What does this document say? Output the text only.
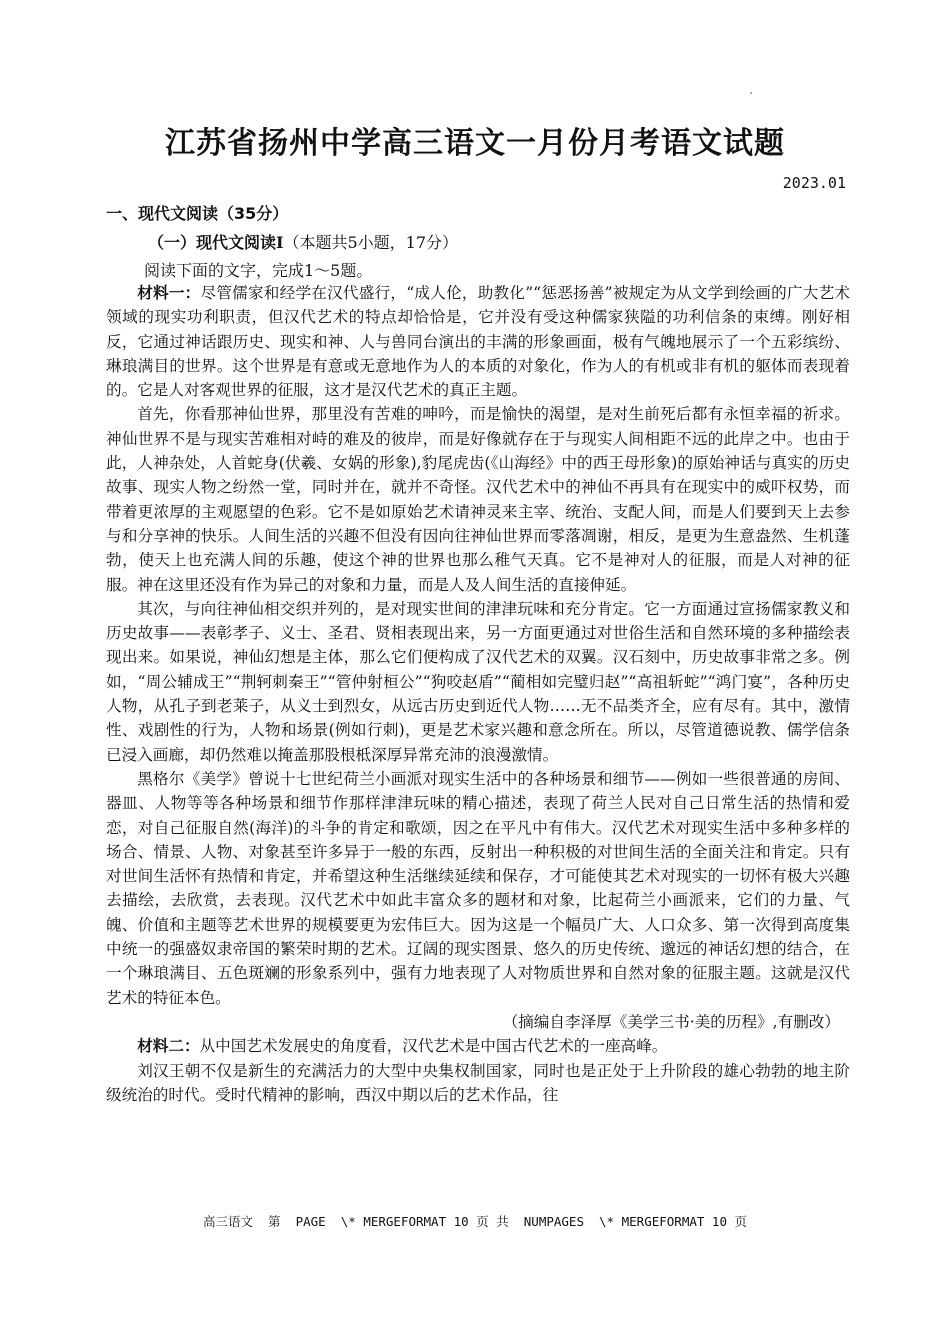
江苏省扬州中学高三语文一月份月考语文试题
2023.01

一、现代文阅读（35分）

（一）现代文阅读Ⅰ（本题共5小题，17分）

阅读下面的文字，完成1～5题。

材料一：尽管儒家和经学在汉代盛行，“成人伦，助教化”“惩恶扬善”被规定为从文学到绘画的广大艺术领域的现实功利职责，但汉代艺术的特点却恰恰是，它并没有受这种儒家狭隘的功利信条的束缚。刚好相反，它通过神话跟历史、现实和神、人与兽同台演出的丰满的形象画面，极有气魄地展示了一个五彩缤纷、琳琅满目的世界。这个世界是有意或无意地作为人的本质的对象化，作为人的有机或非有机的躯体而表现着的。它是人对客观世界的征服，这才是汉代艺术的真正主题。

首先，你看那神仙世界，那里没有苦难的呻吟，而是愉快的渴望，是对生前死后都有永恒幸福的祈求。神仙世界不是与现实苦难相对峙的难及的彼岸，而是好像就存在于与现实人间相距不远的此岸之中。也由于此，人神杂处，人首蛇身(伏羲、女娲的形象),豹尾虎齿(《山海经》中的西王母形象)的原始神话与真实的历史故事、现实人物之纷然一堂，同时并在，就并不奇怪。汉代艺术中的神仙不再具有在现实中的威吓权势，而带着更浓厚的主观愿望的色彩。它不是如原始艺术请神灵来主宰、统治、支配人间，而是人们要到天上去参与和分享神的快乐。人间生活的兴趣不但没有因向往神仙世界而零落凋谢，相反，是更为生意盎然、生机蓬勃，使天上也充满人间的乐趣，使这个神的世界也那么稚气天真。它不是神对人的征服，而是人对神的征服。神在这里还没有作为异己的对象和力量，而是人及人间生活的直接伸延。

其次，与向往神仙相交织并列的，是对现实世间的津津玩味和充分肯定。它一方面通过宣扬儒家教义和历史故事——表彰孝子、义士、圣君、贤相表现出来，另一方面更通过对世俗生活和自然环境的多种描绘表现出来。如果说，神仙幻想是主体，那么它们便构成了汉代艺术的双翼。汉石刻中，历史故事非常之多。例如，“周公辅成王”“荆轲刺秦王”“管仲射桓公”“狗咬赵盾”“蔺相如完璧归赵”“高祖斩蛇”“鸿门宴”，各种历史人物，从孔子到老莱子，从义士到烈女，从远古历史到近代人物……无不品类齐全，应有尽有。其中，激情性、戏剧性的行为，人物和场景(例如行刺)，更是艺术家兴趣和意念所在。所以，尽管道德说教、儒学信条已浸入画廊，却仍然难以掩盖那股根柢深厚异常充沛的浪漫激情。

黑格尔《美学》曾说十七世纪荷兰小画派对现实生活中的各种场景和细节——例如一些很普通的房间、器皿、人物等等各种场景和细节作那样津津玩味的精心描述，表现了荷兰人民对自己日常生活的热情和爱恋，对自己征服自然(海洋)的斗争的肯定和歌颂，因之在平凡中有伟大。汉代艺术对现实生活中多种多样的场合、情景、人物、对象甚至许多异于一般的东西，反射出一种积极的对世间生活的全面关注和肯定。只有对世间生活怀有热情和肯定，并希望这种生活继续延续和保存，才可能使其艺术对现实的一切怀有极大兴趣去描绘，去欣赏，去表现。汉代艺术中如此丰富众多的题材和对象，比起荷兰小画派来，它们的力量、气魄、价值和主题等艺术世界的规模要更为宏伟巨大。因为这是一个幅员广大、人口众多、第一次得到高度集中统一的强盛奴隶帝国的繁荣时期的艺术。辽阔的现实图景、悠久的历史传统、邈远的神话幻想的结合，在一个琳琅满目、五色斑斓的形象系列中，强有力地表现了人对物质世界和自然对象的征服主题。这就是汉代艺术的特征本色。

（摘编自李泽厚《美学三书·美的历程》,有删改）

材料二：从中国艺术发展史的角度看，汉代艺术是中国古代艺术的一座高峰。

刘汉王朝不仅是新生的充满活力的大型中央集权制国家，同时也是正处于上升阶段的雄心勃勃的地主阶级统治的时代。受时代精神的影响，西汉中期以后的艺术作品，往

高三语文  第  PAGE  \* MERGEFORMAT 10 页 共  NUMPAGES  \* MERGEFORMAT 10 页
